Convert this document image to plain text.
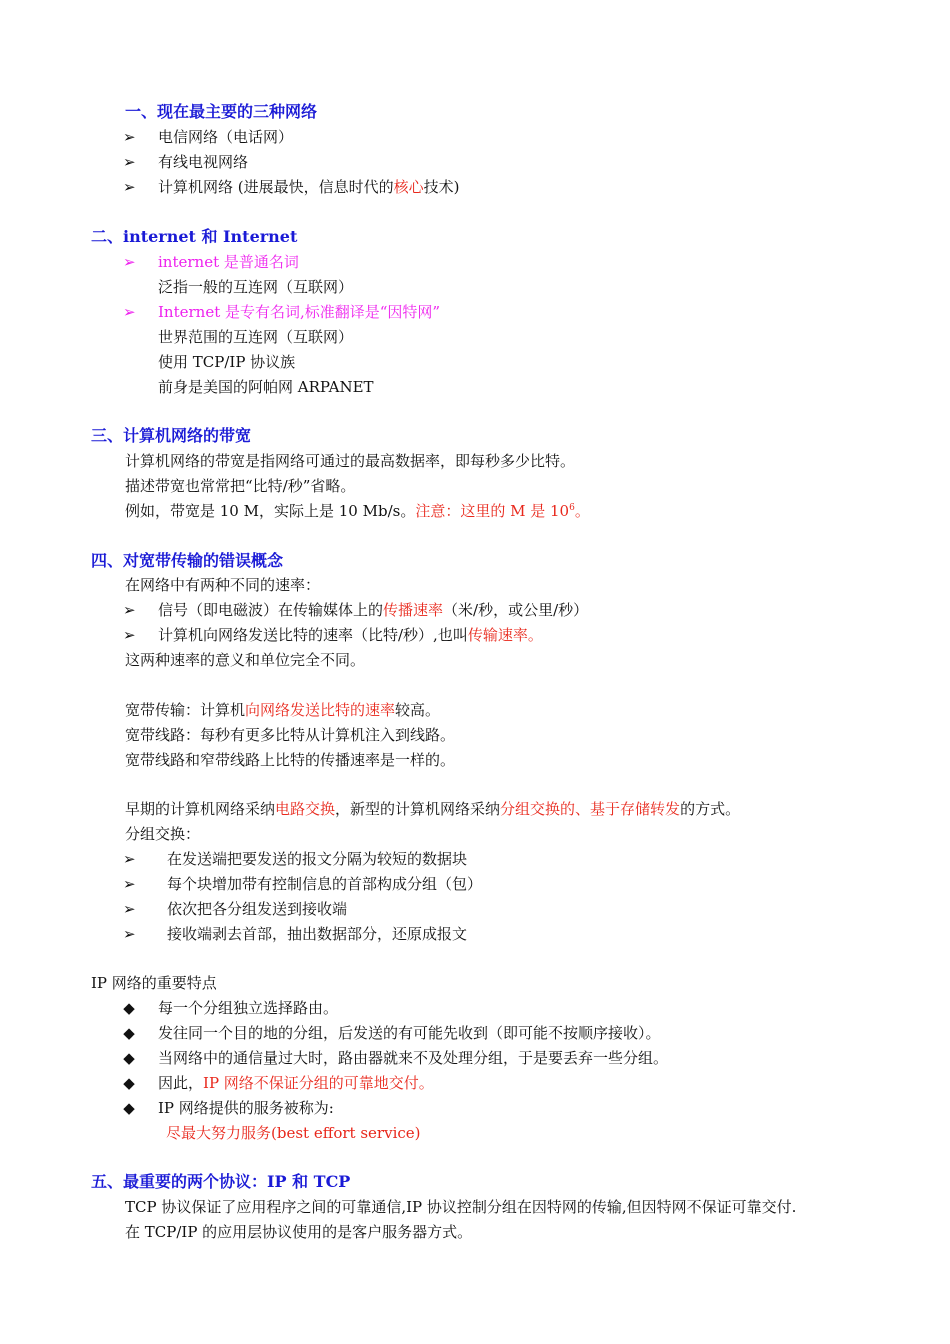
一、现在最主要的三种网络
➢ 电信网络（电话网）
➢ 有线电视网络
➢ 计算机网络 (进展最快，信息时代的核心技术)
二、internet 和 Internet
➢ internet 是普通名词
泛指一般的互连网（互联网）
➢ Internet 是专有名词,标准翻译是“因特网”
世界范围的互连网（互联网）
使用 TCP/IP 协议族
前身是美国的阿帕网 ARPANET
三、计算机网络的带宽
计算机网络的带宽是指网络可通过的最高数据率，即每秒多少比特。
描述带宽也常常把“比特/秒”省略。
例如，带宽是 10 M，实际上是 10 Mb/s。注意：这里的 M 是 $10^6$。
四、对宽带传输的错误概念
在网络中有两种不同的速率：
➢ 信号（即电磁波）在传输媒体上的传播速率（米/秒，或公里/秒）
➢ 计算机向网络发送比特的速率（比特/秒）,也叫传输速率。
这两种速率的意义和单位完全不同。
宽带传输：计算机向网络发送比特的速率较高。
宽带线路：每秒有更多比特从计算机注入到线路。
宽带线路和窄带线路上比特的传播速率是一样的。
早期的计算机网络采纳电路交换，新型的计算机网络采纳分组交换的、基于存储转发的方式。
分组交换：
➢ 在发送端把要发送的报文分隔为较短的数据块
➢ 每个块增加带有控制信息的首部构成分组（包）
➢ 依次把各分组发送到接收端
➢ 接收端剥去首部，抽出数据部分，还原成报文
IP 网络的重要特点
◆ 每一个分组独立选择路由。
◆ 发往同一个目的地的分组，后发送的有可能先收到（即可能不按顺序接收）。
◆ 当网络中的通信量过大时，路由器就来不及处理分组，于是要丢弃一些分组。
◆ 因此，IP 网络不保证分组的可靠地交付。
◆ IP 网络提供的服务被称为:
尽最大努力服务(best effort service)
五、最重要的两个协议：IP 和 TCP
TCP 协议保证了应用程序之间的可靠通信,IP 协议控制分组在因特网的传输,但因特网不保证可靠交付.
在 TCP/IP 的应用层协议使用的是客户服务器方式。
